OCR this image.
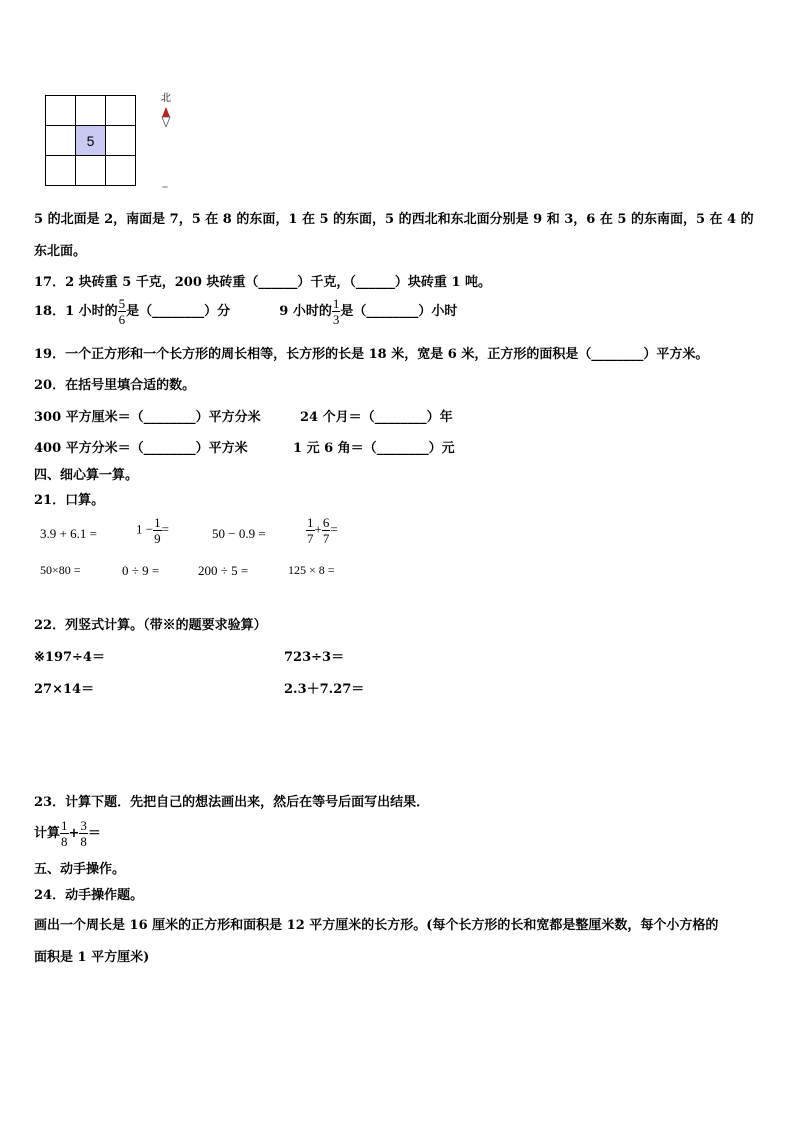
	5	

北
5 的北面是 2，南面是 7，5 在 8 的东面，1 在 5 的东面，5 的西北和东北面分别是 9 和 3，6 在 5 的东南面，5 在 4 的
东北面。
17．2 块砖重 5 千克，200 块砖重（______）千克，（______）块砖重 1 吨。
18．1 小时的 $\frac{5}{6}$ 是（________）分	9 小时的 $\frac{1}{3}$ 是（________）小时
19．一个正方形和一个长方形的周长相等，长方形的长是 18 米，宽是 6 米，正方形的面积是（________）平方米。
20．在括号里填合适的数。
300 平方厘米＝（________）平方分米	24 个月＝（________）年
400 平方分米＝（________）平方米	1 元 6 角＝（________）元
四、细心算一算。
21．口算。
3.9 + 6.1 =	$1 - \frac{1}{9}$ =	50 − 0.9 =	$\frac{1}{7} + \frac{6}{7}$ =
50×80 =	0 ÷ 9 =	200 ÷ 5 =	125 × 8 =
22．列竖式计算。（带※的题要求验算）
※197÷4＝	723÷3＝
27×14＝	2.3＋7.27＝
23．计算下题．先把自己的想法画出来，然后在等号后面写出结果．
计算 $\frac{1}{8} + \frac{3}{8}$ ＝
五、动手操作。
24．动手操作题。
画出一个周长是 16 厘米的正方形和面积是 12 平方厘米的长方形。(每个长方形的长和宽都是整厘米数，每个小方格的
面积是 1 平方厘米)
